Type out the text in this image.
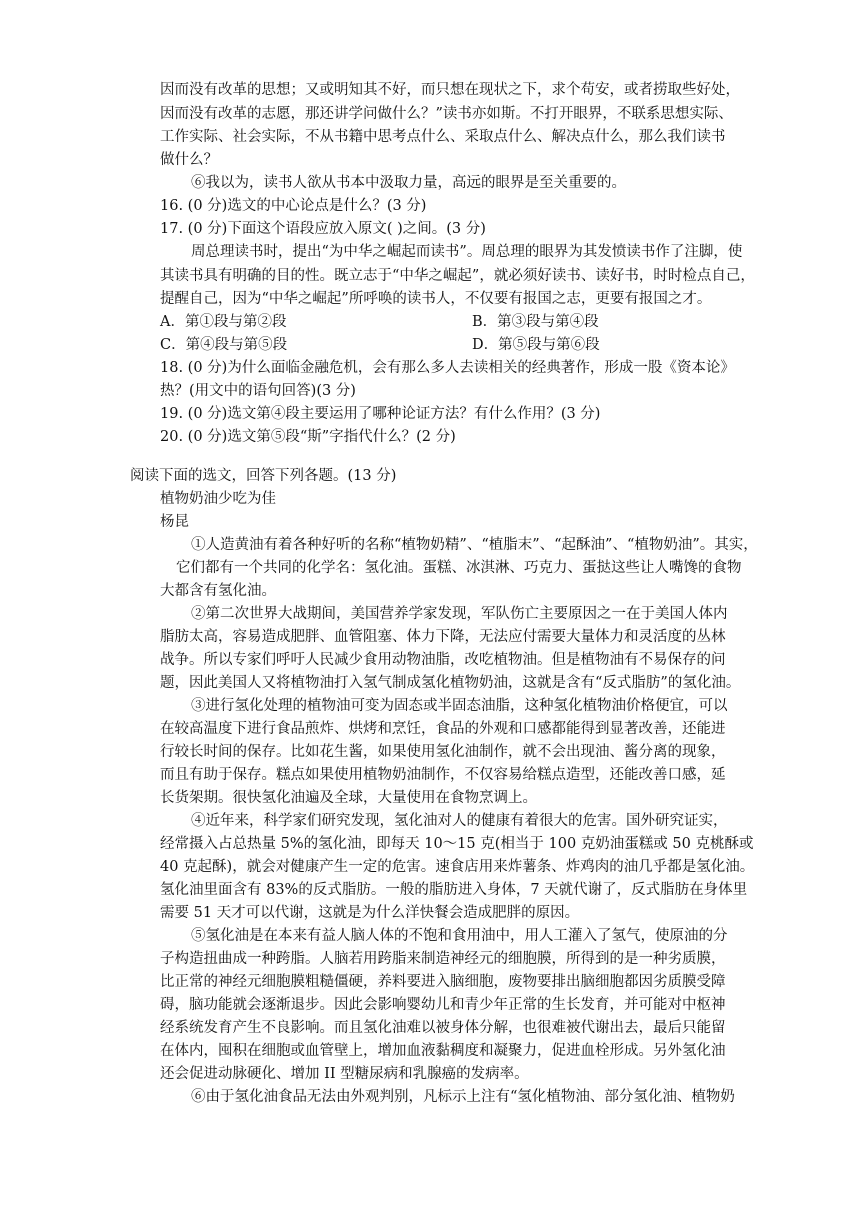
因而没有改革的思想；又或明知其不好，而只想在现状之下，求个苟安，或者捞取些好处，
因而没有改革的志愿，那还讲学问做什么？”读书亦如斯。不打开眼界，不联系思想实际、
工作实际、社会实际，不从书籍中思考点什么、采取点什么、解决点什么，那么我们读书
做什么？
⑥我以为，读书人欲从书本中汲取力量，高远的眼界是至关重要的。
16. (0 分)选文的中心论点是什么？(3 分)
17. (0 分)下面这个语段应放入原文( )之间。(3 分)
周总理读书时，提出“为中华之崛起而读书”。周总理的眼界为其发愤读书作了注脚，使
其读书具有明确的目的性。既立志于“中华之崛起”，就必须好读书、读好书，时时检点自己，
提醒自己，因为“中华之崛起”所呼唤的读书人，不仅要有报国之志，更要有报国之才。
A．第①段与第②段	B．第③段与第④段
C．第④段与第⑤段	D．第⑤段与第⑥段
18. (0 分)为什么面临金融危机，会有那么多人去读相关的经典著作，形成一股《资本论》
热？(用文中的语句回答)(3 分)
19. (0 分)选文第④段主要运用了哪种论证方法？有什么作用？(3 分)
20. (0 分)选文第⑤段“斯”字指代什么？(2 分)
阅读下面的选文，回答下列各题。(13 分)
植物奶油少吃为佳
杨昆
①人造黄油有着各种好听的名称“植物奶精”、“植脂末”、“起酥油”、“植物奶油”。其实，
它们都有一个共同的化学名：氢化油。蛋糕、冰淇淋、巧克力、蛋挞这些让人嘴馋的食物
大都含有氢化油。
②第二次世界大战期间，美国营养学家发现，军队伤亡主要原因之一在于美国人体内
脂肪太高，容易造成肥胖、血管阻塞、体力下降，无法应付需要大量体力和灵活度的丛林
战争。所以专家们呼吁人民减少食用动物油脂，改吃植物油。但是植物油有不易保存的问
题，因此美国人又将植物油打入氢气制成氢化植物奶油，这就是含有“反式脂肪”的氢化油。
③进行氢化处理的植物油可变为固态或半固态油脂，这种氢化植物油价格便宜，可以
在较高温度下进行食品煎炸、烘烤和烹饪，食品的外观和口感都能得到显著改善，还能进
行较长时间的保存。比如花生酱，如果使用氢化油制作，就不会出现油、酱分离的现象，
而且有助于保存。糕点如果使用植物奶油制作，不仅容易给糕点造型，还能改善口感，延
长货架期。很快氢化油遍及全球，大量使用在食物烹调上。
④近年来，科学家们研究发现，氢化油对人的健康有着很大的危害。国外研究证实，
经常摄入占总热量 5%的氢化油，即每天 10～15 克(相当于 100 克奶油蛋糕或 50 克桃酥或
40 克起酥)，就会对健康产生一定的危害。速食店用来炸薯条、炸鸡肉的油几乎都是氢化油。
氢化油里面含有 83%的反式脂肪。一般的脂肪进入身体，7 天就代谢了，反式脂肪在身体里
需要 51 天才可以代谢，这就是为什么洋快餐会造成肥胖的原因。
⑤氢化油是在本来有益人脑人体的不饱和食用油中，用人工灌入了氢气，使原油的分
子构造扭曲成一种跨脂。人脑若用跨脂来制造神经元的细胞膜，所得到的是一种劣质膜，
比正常的神经元细胞膜粗糙僵硬，养料要进入脑细胞，废物要排出脑细胞都因劣质膜受障
碍，脑功能就会逐渐退步。因此会影响婴幼儿和青少年正常的生长发育，并可能对中枢神
经系统发育产生不良影响。而且氢化油难以被身体分解，也很难被代谢出去，最后只能留
在体内，囤积在细胞或血管壁上，增加血液黏稠度和凝聚力，促进血栓形成。另外氢化油
还会促进动脉硬化、增加 II 型糖尿病和乳腺癌的发病率。
⑥由于氢化油食品无法由外观判别，凡标示上注有“氢化植物油、部分氢化油、植物奶
